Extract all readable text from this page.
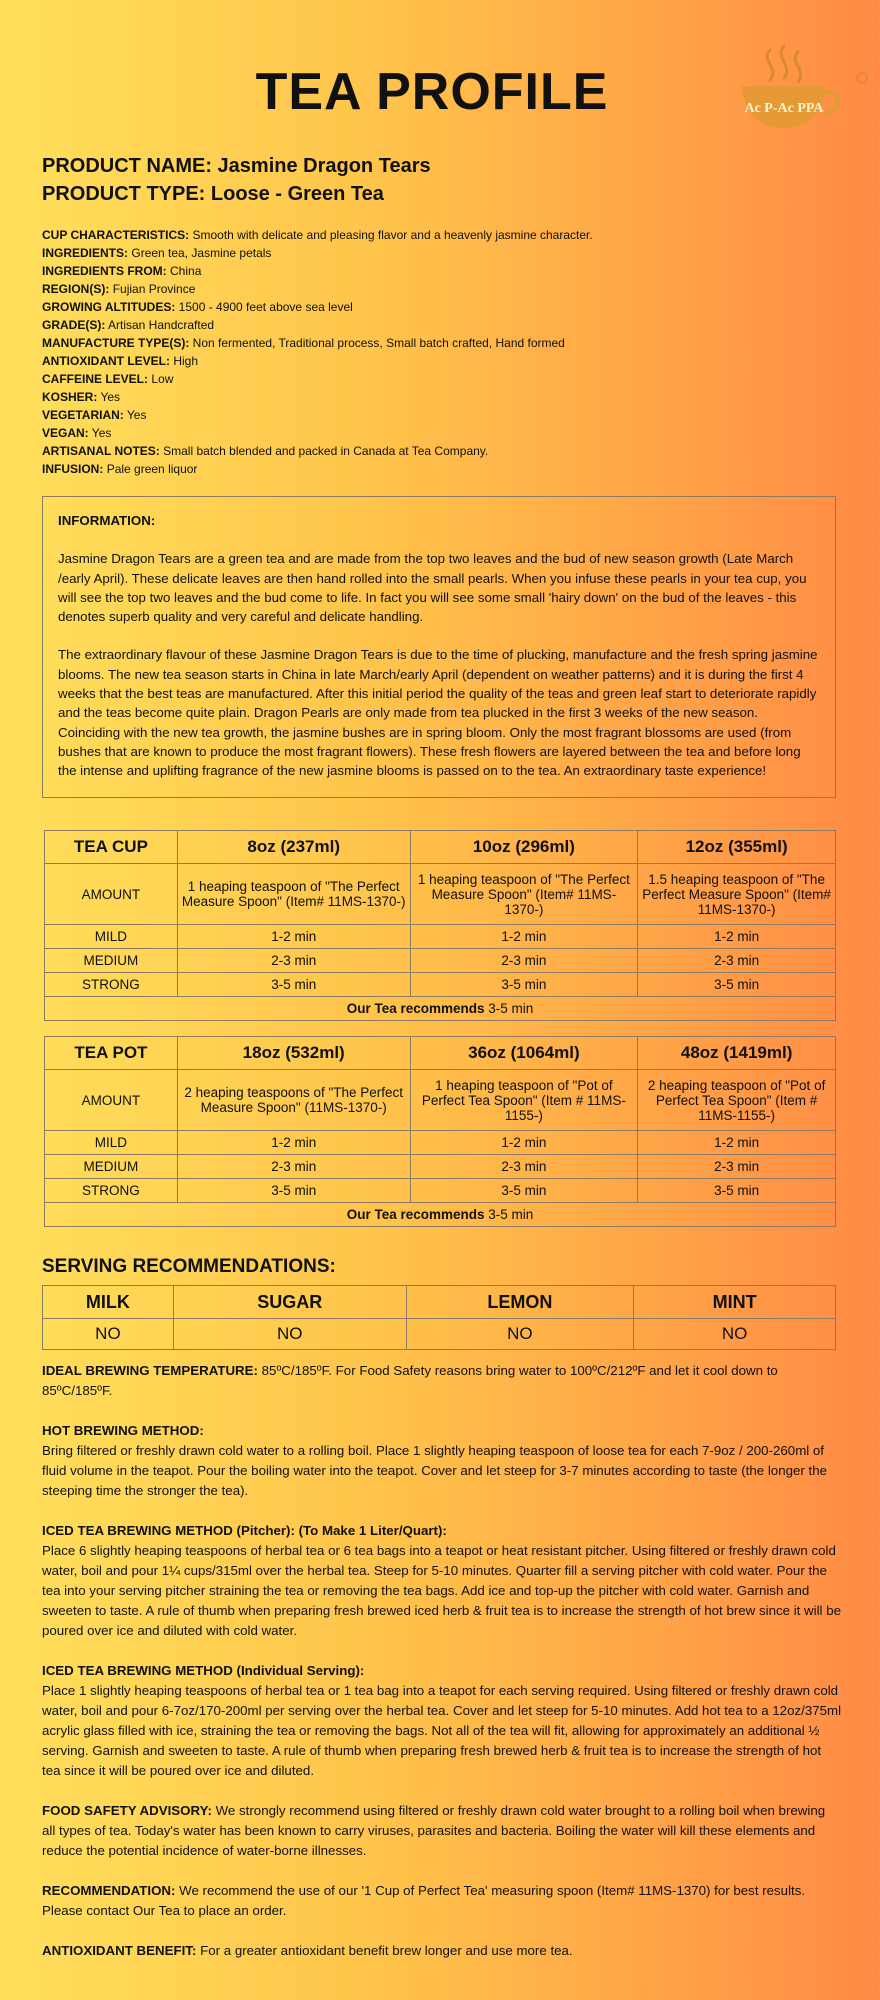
TEA PROFILE	Ac P-Ac PPA
PRODUCT NAME: Jasmine Dragon Tears
PRODUCT TYPE: Loose - Green Tea
CUP CHARACTERISTICS: Smooth with delicate and pleasing flavor and a heavenly jasmine character.
INGREDIENTS: Green tea, Jasmine petals
INGREDIENTS FROM: China
REGION(S): Fujian Province
GROWING ALTITUDES: 1500 - 4900 feet above sea level
GRADE(S): Artisan Handcrafted
MANUFACTURE TYPE(S): Non fermented, Traditional process, Small batch crafted, Hand formed
ANTIOXIDANT LEVEL: High
CAFFEINE LEVEL: Low
KOSHER: Yes
VEGETARIAN: Yes
VEGAN: Yes
ARTISANAL NOTES: Small batch blended and packed in Canada at Tea Company.
INFUSION: Pale green liquor
INFORMATION:

Jasmine Dragon Tears are a green tea and are made from the top two leaves and the bud of new season growth (Late March /early April). These delicate leaves are then hand rolled into the small pearls. When you infuse these pearls in your tea cup, you will see the top two leaves and the bud come to life. In fact you will see some small 'hairy down' on the bud of the leaves - this denotes superb quality and very careful and delicate handling.

The extraordinary flavour of these Jasmine Dragon Tears is due to the time of plucking, manufacture and the fresh spring jasmine blooms. The new tea season starts in China in late March/early April (dependent on weather patterns) and it is during the first 4 weeks that the best teas are manufactured. After this initial period the quality of the teas and green leaf start to deteriorate rapidly and the teas become quite plain. Dragon Pearls are only made from tea plucked in the first 3 weeks of the new season. Coinciding with the new tea growth, the jasmine bushes are in spring bloom. Only the most fragrant blossoms are used (from bushes that are known to produce the most fragrant flowers). These fresh flowers are layered between the tea and before long the intense and uplifting fragrance of the new jasmine blooms is passed on to the tea. An extraordinary taste experience!

TEA CUP	8oz (237ml)	10oz (296ml)	12oz (355ml)
AMOUNT	1 heaping teaspoon of "The Perfect Measure Spoon" (Item# 11MS-1370-)	1 heaping teaspoon of "The Perfect Measure Spoon" (Item# 11MS-1370-)	1.5 heaping teaspoon of "The Perfect Measure Spoon" (Item# 11MS-1370-)
MILD	1-2 min	1-2 min	1-2 min
MEDIUM	2-3 min	2-3 min	2-3 min
STRONG	3-5 min	3-5 min	3-5 min
Our Tea recommends 3-5 min			
TEA POT	18oz (532ml)	36oz (1064ml)	48oz (1419ml)
AMOUNT	2 heaping teaspoons of "The Perfect Measure Spoon" (11MS-1370-)	1 heaping teaspoon of "Pot of Perfect Tea Spoon" (Item # 11MS-1155-)	2 heaping teaspoon of "Pot of Perfect Tea Spoon" (Item # 11MS-1155-)
MILD	1-2 min	1-2 min	1-2 min
MEDIUM	2-3 min	2-3 min	2-3 min
STRONG	3-5 min	3-5 min	3-5 min
Our Tea recommends 3-5 min			
SERVING RECOMMENDATIONS:
MILK	SUGAR	LEMON	MINT
NO	NO	NO	NO

IDEAL BREWING TEMPERATURE: 85ºC/185ºF. For Food Safety reasons bring water to 100ºC/212ºF and let it cool down to 85ºC/185ºF.

HOT BREWING METHOD:
Bring filtered or freshly drawn cold water to a rolling boil. Place 1 slightly heaping teaspoon of loose tea for each 7-9oz / 200-260ml of fluid volume in the teapot. Pour the boiling water into the teapot. Cover and let steep for 3-7 minutes according to taste (the longer the steeping time the stronger the tea).

ICED TEA BREWING METHOD (Pitcher): (To Make 1 Liter/Quart):
Place 6 slightly heaping teaspoons of herbal tea or 6 tea bags into a teapot or heat resistant pitcher. Using filtered or freshly drawn cold water, boil and pour 1¼ cups/315ml over the herbal tea. Steep for 5-10 minutes. Quarter fill a serving pitcher with cold water. Pour the tea into your serving pitcher straining the tea or removing the tea bags. Add ice and top-up the pitcher with cold water. Garnish and sweeten to taste. A rule of thumb when preparing fresh brewed iced herb & fruit tea is to increase the strength of hot brew since it will be poured over ice and diluted with cold water.

ICED TEA BREWING METHOD (Individual Serving):
Place 1 slightly heaping teaspoons of herbal tea or 1 tea bag into a teapot for each serving required. Using filtered or freshly drawn cold water, boil and pour 6-7oz/170-200ml per serving over the herbal tea. Cover and let steep for 5-10 minutes. Add hot tea to a 12oz/375ml acrylic glass filled with ice, straining the tea or removing the bags. Not all of the tea will fit, allowing for approximately an additional ½ serving. Garnish and sweeten to taste. A rule of thumb when preparing fresh brewed herb & fruit tea is to increase the strength of hot tea since it will be poured over ice and diluted.

FOOD SAFETY ADVISORY: We strongly recommend using filtered or freshly drawn cold water brought to a rolling boil when brewing all types of tea. Today's water has been known to carry viruses, parasites and bacteria. Boiling the water will kill these elements and reduce the potential incidence of water-borne illnesses.

RECOMMENDATION: We recommend the use of our '1 Cup of Perfect Tea' measuring spoon (Item# 11MS-1370) for best results. Please contact Our Tea to place an order.

ANTIOXIDANT BENEFIT: For a greater antioxidant benefit brew longer and use more tea.
